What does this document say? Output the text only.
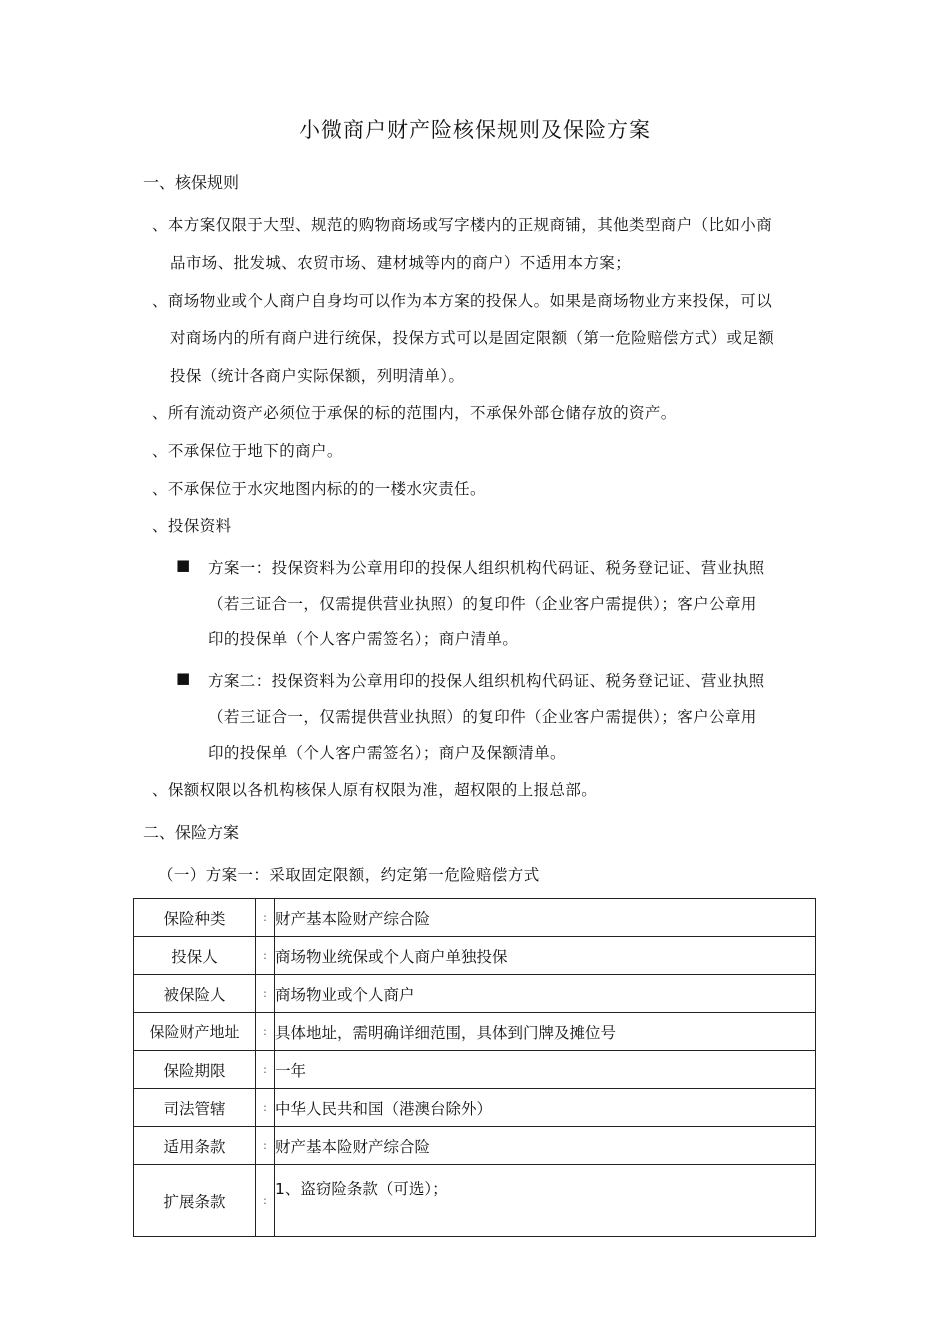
小微商户财产险核保规则及保险方案
一、核保规则
、本方案仅限于大型、规范的购物商场或写字楼内的正规商铺，其他类型商户（比如小商
品市场、批发城、农贸市场、建材城等内的商户）不适用本方案；
、商场物业或个人商户自身均可以作为本方案的投保人。如果是商场物业方来投保，可以
对商场内的所有商户进行统保，投保方式可以是固定限额（第一危险赔偿方式）或足额
投保（统计各商户实际保额，列明清单）。
、所有流动资产必须位于承保的标的范围内，不承保外部仓储存放的资产。
、不承保位于地下的商户。
、不承保位于水灾地图内标的的一楼水灾责任。
、投保资料
■ 方案一：投保资料为公章用印的投保人组织机构代码证、税务登记证、营业执照
（若三证合一，仅需提供营业执照）的复印件（企业客户需提供）；客户公章用
印的投保单（个人客户需签名）；商户清单。
■ 方案二：投保资料为公章用印的投保人组织机构代码证、税务登记证、营业执照
（若三证合一，仅需提供营业执照）的复印件（企业客户需提供）；客户公章用
印的投保单（个人客户需签名）；商户及保额清单。
、保额权限以各机构核保人原有权限为准，超权限的上报总部。
二、保险方案
（一）方案一：采取固定限额，约定第一危险赔偿方式
保险种类	:	财产基本险财产综合险
投保人	:	商场物业统保或个人商户单独投保
被保险人	:	商场物业或个人商户
保险财产地址	:	具体地址，需明确详细范围，具体到门牌及摊位号
保险期限	:	一年
司法管辖	:	中华人民共和国（港澳台除外）
适用条款	:	财产基本险财产综合险
扩展条款	:	1、盗窃险条款（可选）；
